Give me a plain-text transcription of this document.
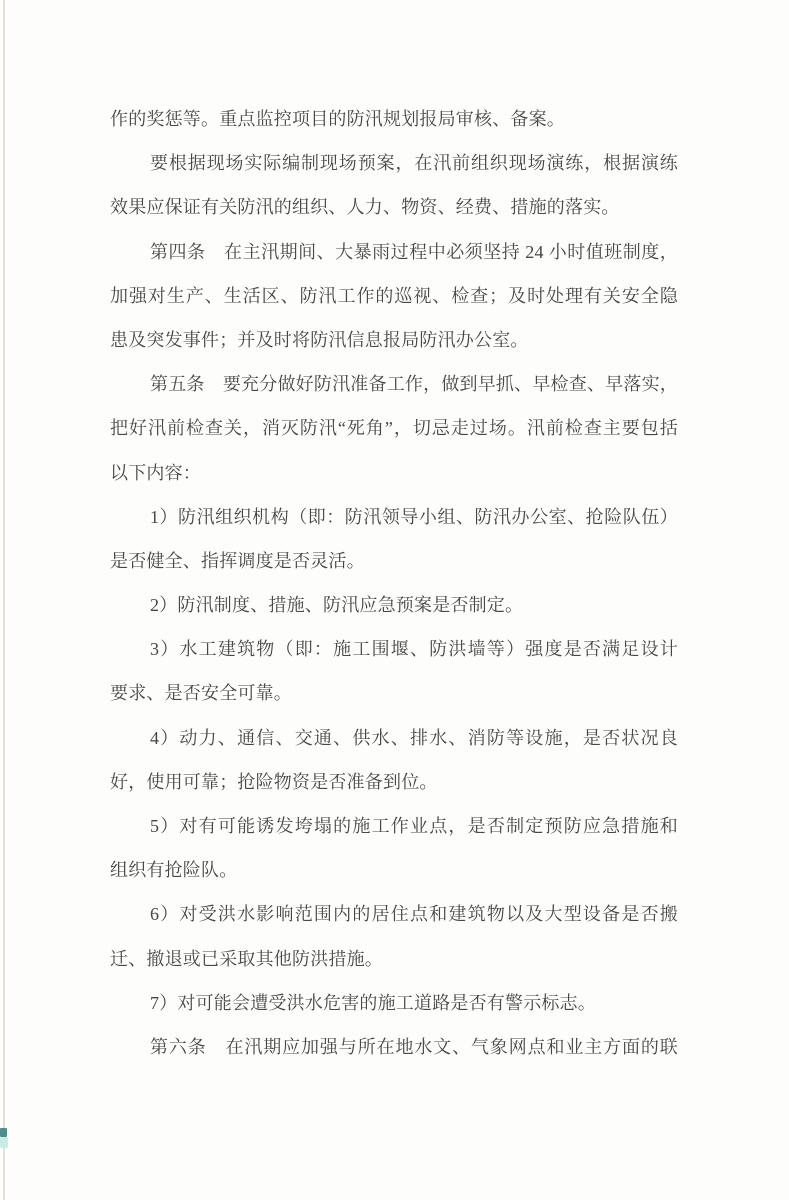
作的奖惩等。重点监控项目的防汛规划报局审核、备案。
要根据现场实际编制现场预案，在汛前组织现场演练，根据演练
效果应保证有关防汛的组织、人力、物资、经费、措施的落实。
第四条　在主汛期间、大暴雨过程中必须坚持 24 小时值班制度，
加强对生产、生活区、防汛工作的巡视、检查；及时处理有关安全隐
患及突发事件；并及时将防汛信息报局防汛办公室。
第五条　要充分做好防汛准备工作，做到早抓、早检查、早落实，
把好汛前检查关，消灭防汛“死角”，切忌走过场。汛前检查主要包括
以下内容：
1）防汛组织机构（即：防汛领导小组、防汛办公室、抢险队伍）
是否健全、指挥调度是否灵活。
2）防汛制度、措施、防汛应急预案是否制定。
3）水工建筑物（即：施工围堰、防洪墙等）强度是否满足设计
要求、是否安全可靠。
4）动力、通信、交通、供水、排水、消防等设施，是否状况良
好，使用可靠；抢险物资是否准备到位。
5）对有可能诱发垮塌的施工作业点，是否制定预防应急措施和
组织有抢险队。
6）对受洪水影响范围内的居住点和建筑物以及大型设备是否搬
迁、撤退或已采取其他防洪措施。
7）对可能会遭受洪水危害的施工道路是否有警示标志。
第六条　在汛期应加强与所在地水文、气象网点和业主方面的联
